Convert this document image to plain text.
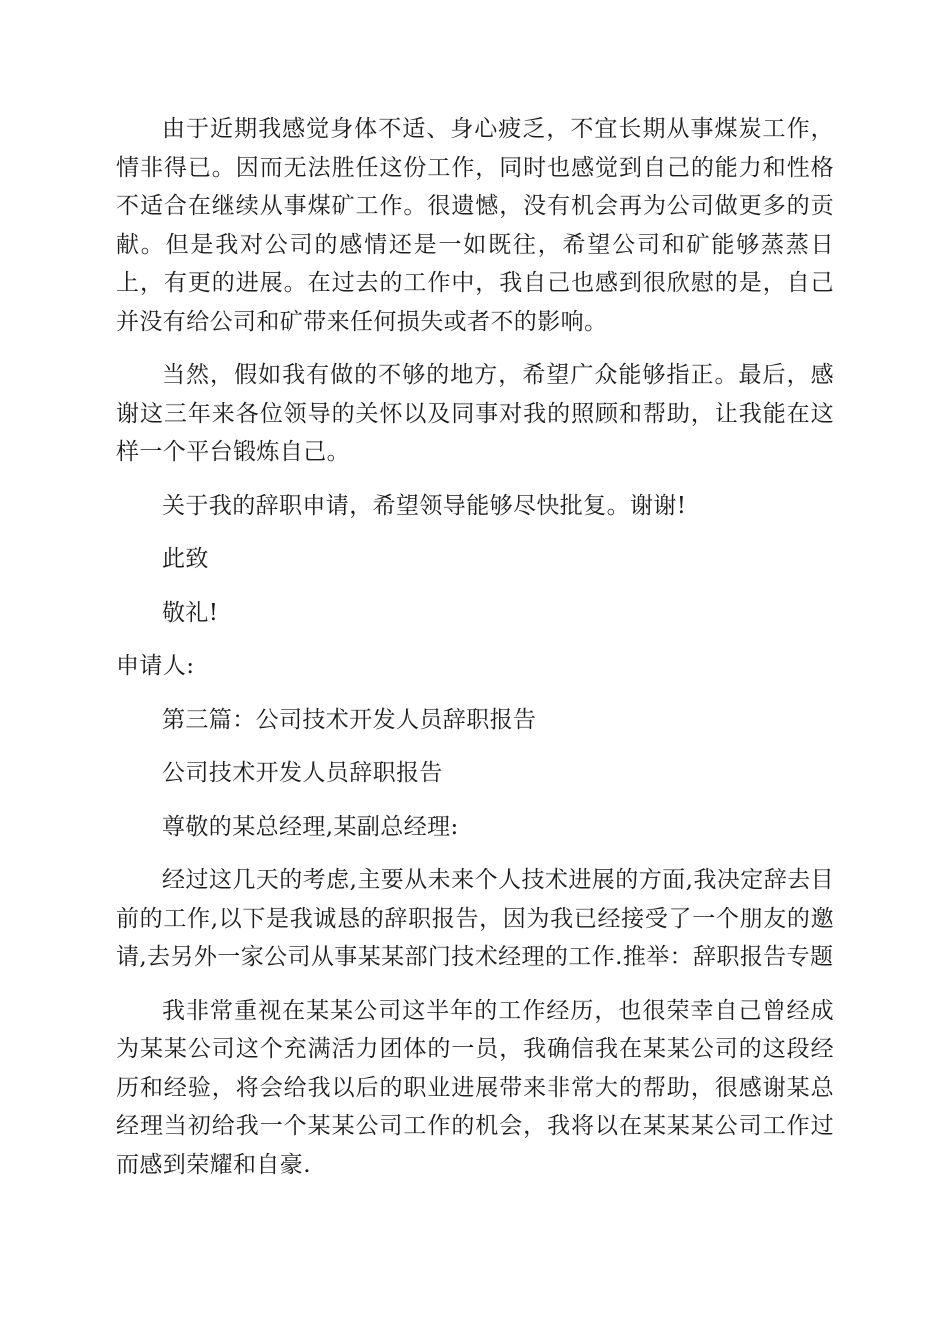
由于近期我感觉身体不适、身心疲乏，不宜长期从事煤炭工作，情非得已。因而无法胜任这份工作，同时也感觉到自己的能力和性格不适合在继续从事煤矿工作。很遗憾，没有机会再为公司做更多的贡献。但是我对公司的感情还是一如既往，希望公司和矿能够蒸蒸日上，有更的进展。在过去的工作中，我自己也感到很欣慰的是，自己并没有给公司和矿带来任何损失或者不的影响。

当然，假如我有做的不够的地方，希望广众能够指正。最后，感谢这三年来各位领导的关怀以及同事对我的照顾和帮助，让我能在这样一个平台锻炼自己。

关于我的辞职申请，希望领导能够尽快批复。谢谢!

此致

敬礼!

申请人:

第三篇：公司技术开发人员辞职报告

公司技术开发人员辞职报告

尊敬的某总经理,某副总经理:

经过这几天的考虑,主要从未来个人技术进展的方面,我决定辞去目前的工作,以下是我诚恳的辞职报告，因为我已经接受了一个朋友的邀请,去另外一家公司从事某某部门技术经理的工作.推举：辞职报告专题

我非常重视在某某公司这半年的工作经历，也很荣幸自己曾经成为某某公司这个充满活力团体的一员，我确信我在某某公司的这段经历和经验，将会给我以后的职业进展带来非常大的帮助，很感谢某总经理当初给我一个某某公司工作的机会，我将以在某某某公司工作过而感到荣耀和自豪.
